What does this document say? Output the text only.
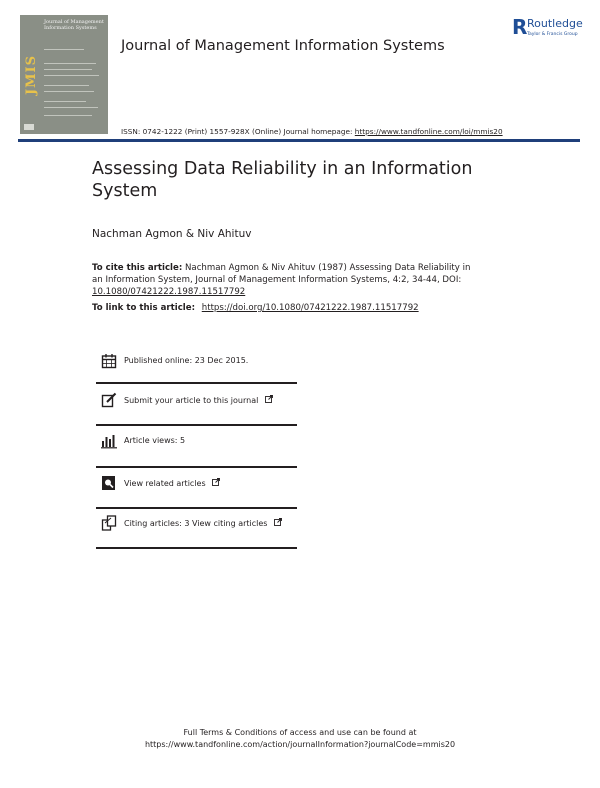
JMIS
Journal of Management Information Systems
Journal of Management Information Systems
R Routledge
Taylor & Francis Group
ISSN: 0742-1222 (Print) 1557-928X (Online) Journal homepage: https://www.tandfonline.com/loi/mmis20
Assessing Data Reliability in an Information System
Nachman Agmon & Niv Ahituv
To cite this article: Nachman Agmon & Niv Ahituv (1987) Assessing Data Reliability in an Information System, Journal of Management Information Systems, 4:2, 34-44, DOI: 10.1080/07421222.1987.11517792
To link to this article: https://doi.org/10.1080/07421222.1987.11517792
Published online: 23 Dec 2015.
Submit your article to this journal
Article views: 5
View related articles
Citing articles: 3 View citing articles
Full Terms & Conditions of access and use can be found at
https://www.tandfonline.com/action/journalInformation?journalCode=mmis20
